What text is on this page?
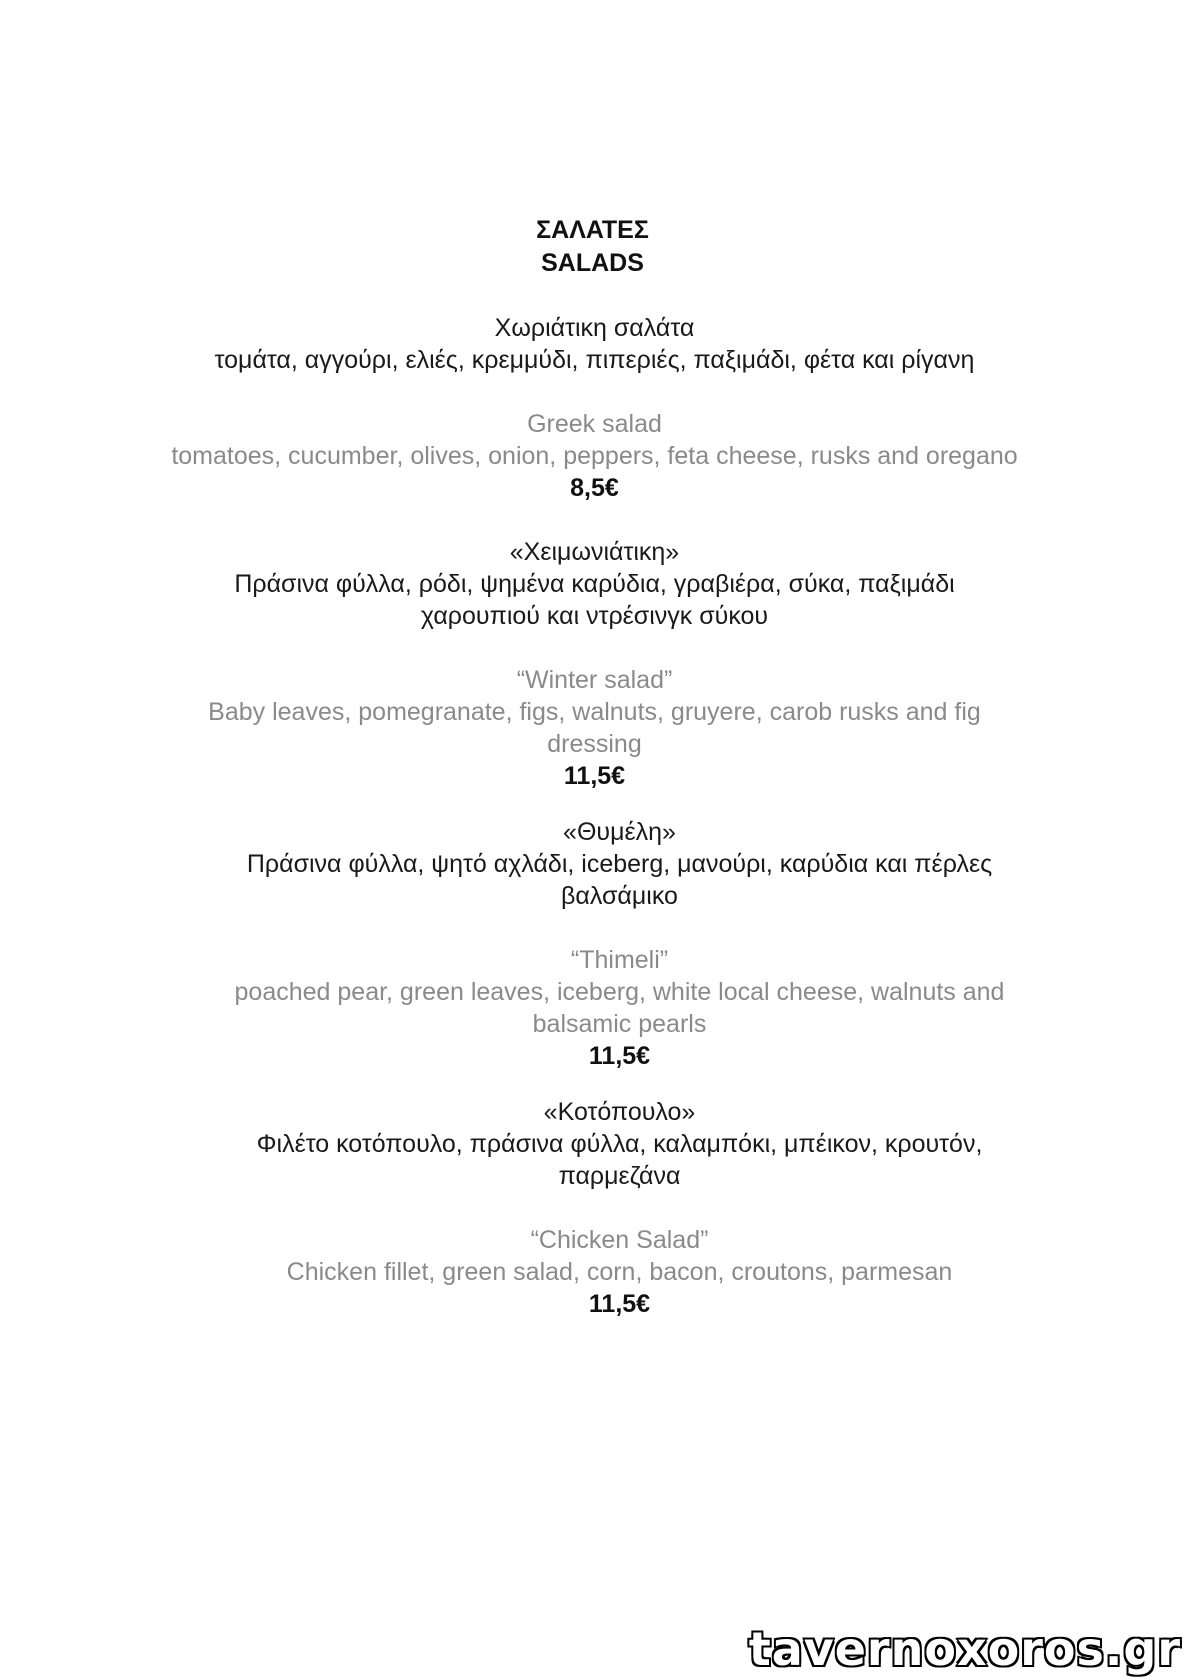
ΣΑΛΑΤΕΣ
SALADS
Χωριάτικη σαλάτα
τομάτα, αγγούρι, ελιές, κρεμμύδι, πιπεριές, παξιμάδι, φέτα και ρίγανη
Greek salad
tomatoes, cucumber, olives, onion, peppers, feta cheese, rusks and oregano
8,5€
«Χειμωνιάτικη»
Πράσινα φύλλα, ρόδι, ψημένα καρύδια, γραβιέρα, σύκα, παξιμάδι
χαρουπιού και ντρέσινγκ σύκου
“Winter salad”
Baby leaves, pomegranate, figs, walnuts, gruyere, carob rusks and fig
dressing
11,5€
«Θυμέλη»
Πράσινα φύλλα, ψητό αχλάδι, iceberg, μανούρι, καρύδια και πέρλες
βαλσάμικο
“Thimeli”
poached pear, green leaves, iceberg, white local cheese, walnuts and
balsamic pearls
11,5€
«Κοτόπουλο»
Φιλέτο κοτόπουλο, πράσινα φύλλα, καλαμπόκι, μπέικον, κρουτόν,
παρμεζάνα
“Chicken Salad”
Chicken fillet, green salad, corn, bacon, croutons, parmesan
11,5€
tavernoxoros.gr
